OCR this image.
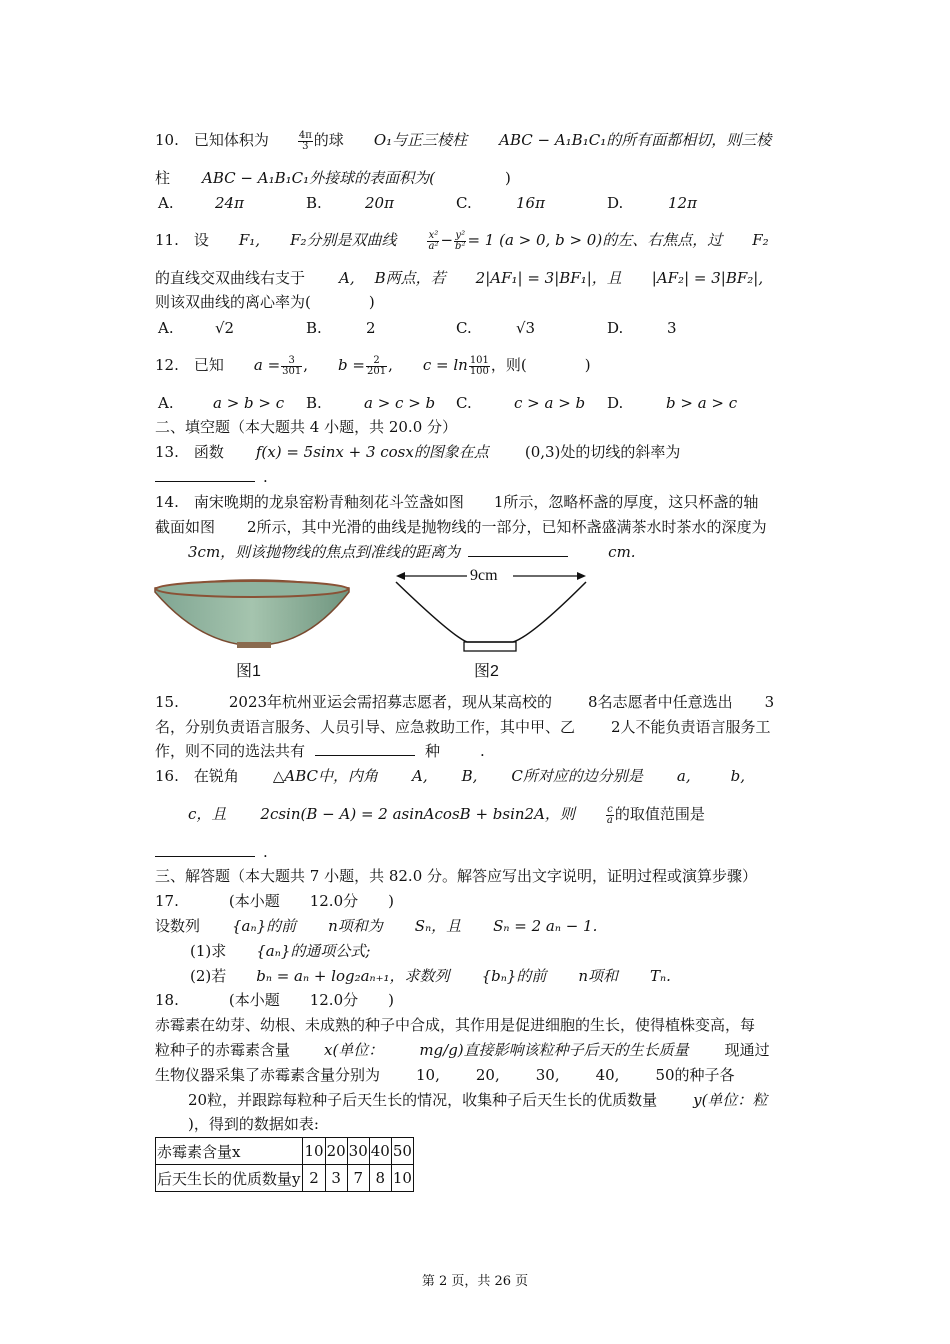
10.　已知体积为	$\frac{4\pi}{3}$ 的球 O₁与正三棱柱 ABC − A₁B₁C₁的所有面都相切，则三棱
柱 ABC − A₁B₁C₁外接球的表面积为(	)
A.	24π	B.	20π	C.	16π	D.	12π
11.　设 F₁, F₂分别是双曲线	$\frac{\text{x²}}{\text{a²}} - \frac{\text{y²}}{\text{b²}} = 1$ (a > 0, b > 0)的左、右焦点，过 F₂
的直线交双曲线右支于 A, B两点，若 2|AF₁| = 3|BF₁|，且 |AF₂| = 3|BF₂|,
则该双曲线的离心率为(	)
A.	√2	B.	2	C.	√3	D.	3
12.　已知 $a = \frac{3}{301}$ , $b = \frac{2}{201}$ , $c = \ln \frac{101}{100}$ ，则(	)
A.	a > b > c B.	a > c > b C.	c > a > b D.	b > a > c
二、填空题（本大题共 4 小题，共 20.0 分）
13.　函数 f(x) = 5sinx + 3 cosx的图象在点 (0,3)处的切线的斜率为
.
14.　南宋晚期的龙泉窑粉青釉刻花斗笠盏如图 1所示，忽略杯盏的厚度，这只杯盏的轴
截面如图 2所示，其中光滑的曲线是抛物线的一部分，已知杯盏盛满茶水时茶水的深度为
3cm，则该抛物线的焦点到准线的距离为	cm.
图1
9cm
图2
15.	2023年杭州亚运会需招募志愿者，现从某高校的 8名志愿者中任意选出 3
名，分别负责语言服务、人员引导、应急救助工作，其中甲、乙 2人不能负责语言服务工
作，则不同的选法共有	种	.
16.　在锐角 △ABC中，内角 A, B, C所对应的边分别是 a,	b,
c，且 2csin(B − A) = 2 asinAcosB + bsin2A，则	$\frac{c}{a}$ 的取值范围是
.
三、解答题（本大题共 7 小题，共 82.0 分。解答应写出文字说明，证明过程或演算步骤）
17.	(本小题 12.0分 )
设数列 {aₙ}的前 n项和为 Sₙ，且 Sₙ = 2 aₙ − 1.
(1)求 {aₙ}的通项公式;
(2)若 bₙ = aₙ + log₂aₙ₊₁，求数列 {bₙ}的前 n项和 Tₙ.
18.	(本小题 12.0分 )
赤霉素在幼芽、幼根、未成熟的种子中合成，其作用是促进细胞的生长，使得植株变高，每
粒种子的赤霉素含量 x(单位： mg/g)直接影响该粒种子后天的生长质量 现通过
生物仪器采集了赤霉素含量分别为 10, 20, 30, 40, 50的种子各
20粒，并跟踪每粒种子后天生长的情况，收集种子后天生长的优质数量 y(单位：粒
)，得到的数据如表:
赤霉素含量x	10	20	30	40	50
后天生长的优质数量y	2	3	7	8	10
第 2 页，共 26 页
